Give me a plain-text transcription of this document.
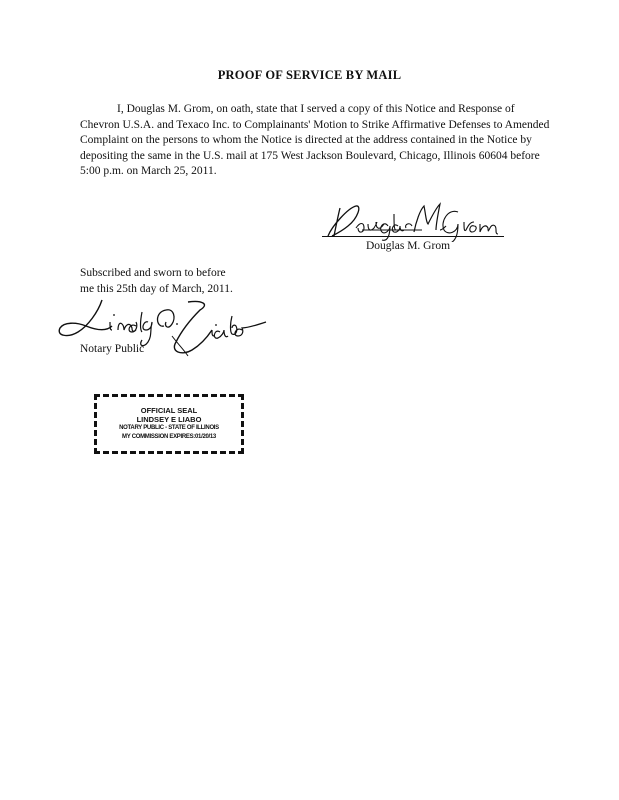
PROOF OF SERVICE BY MAIL

I, Douglas M. Grom, on oath, state that I served a copy of this Notice and Response of Chevron U.S.A. and Texaco Inc. to Complainants' Motion to Strike Affirmative Defenses to Amended Complaint on the persons to whom the Notice is directed at the address contained in the Notice by depositing the same in the U.S. mail at 175 West Jackson Boulevard, Chicago, Illinois 60604 before 5:00 p.m. on March 25, 2011.

Douglas M. Grom
Subscribed and sworn to before
me this 25th day of March, 2011.
Notary Public
OFFICIAL SEAL
LINDSEY E LIABO
NOTARY PUBLIC - STATE OF ILLINOIS
MY COMMISSION EXPIRES:01/20/13
